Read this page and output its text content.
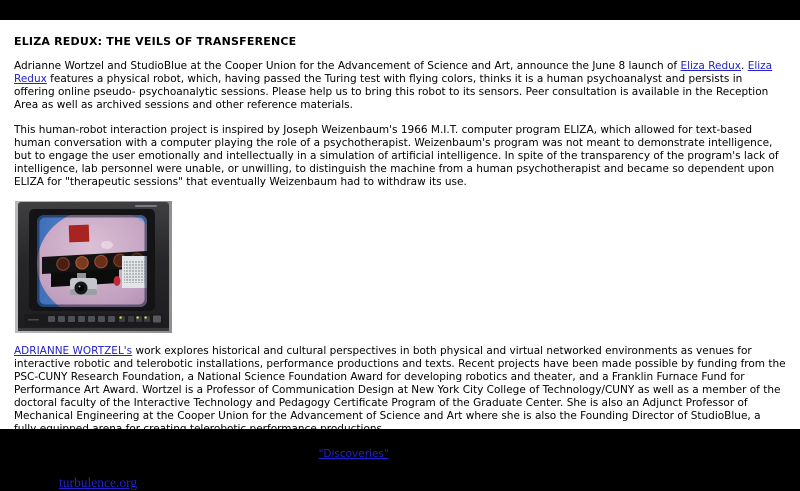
ELIZA REDUX: THE VEILS OF TRANSFERENCE

Adrianne Wortzel and StudioBlue at the Cooper Union for the Advancement of Science and Art, announce the June 8 launch of Eliza Redux. Eliza Redux features a physical robot, which, having passed the Turing test with flying colors, thinks it is a human psychoanalyst and persists in offering online pseudo- psychoanalytic sessions. Please help us to bring this robot to its sensors. Peer consultation is available in the Reception Area as well as archived sessions and other reference materials.

This human-robot interaction project is inspired by Joseph Weizenbaum's 1966 M.I.T. computer program ELIZA, which allowed for text-based human conversation with a computer playing the role of a psychotherapist. Weizenbaum's program was not meant to demonstrate intelligence, but to engage the user emotionally and intellectually in a simulation of artificial intelligence. In spite of the transparency of the program's lack of intelligence, lab personnel were unable, or unwilling, to distinguish the machine from a human psychotherapist and became so dependent upon ELIZA for "therapeutic sessions" that eventually Weizenbaum had to withdraw its use.

ADRIANNE WORTZEL's work explores historical and cultural perspectives in both physical and virtual networked environments as venues for interactive robotic and telerobotic installations, performance productions and texts. Recent projects have been made possible by funding from the PSC-CUNY Research Foundation, a National Science Foundation Award for developing robotics and theater, and a Franklin Furnace Fund for Performance Art Award. Wortzel is a Professor of Communication Design at New York City College of Technology/CUNY as well as a member of the doctoral faculty of the Interactive Technology and Pedagogy Certificate Program of the Graduate Center. She is also an Adjunct Professor of Mechanical Engineering at the Cooper Union for the Advancement of Science and Art where she is also the Founding Director of StudioBlue, a fully equipped arena for creating telerobotic performance productions.

Adrianne Wortzel, subject of National Science Foundation "Discoveries" article.

Back to turbulence.org
